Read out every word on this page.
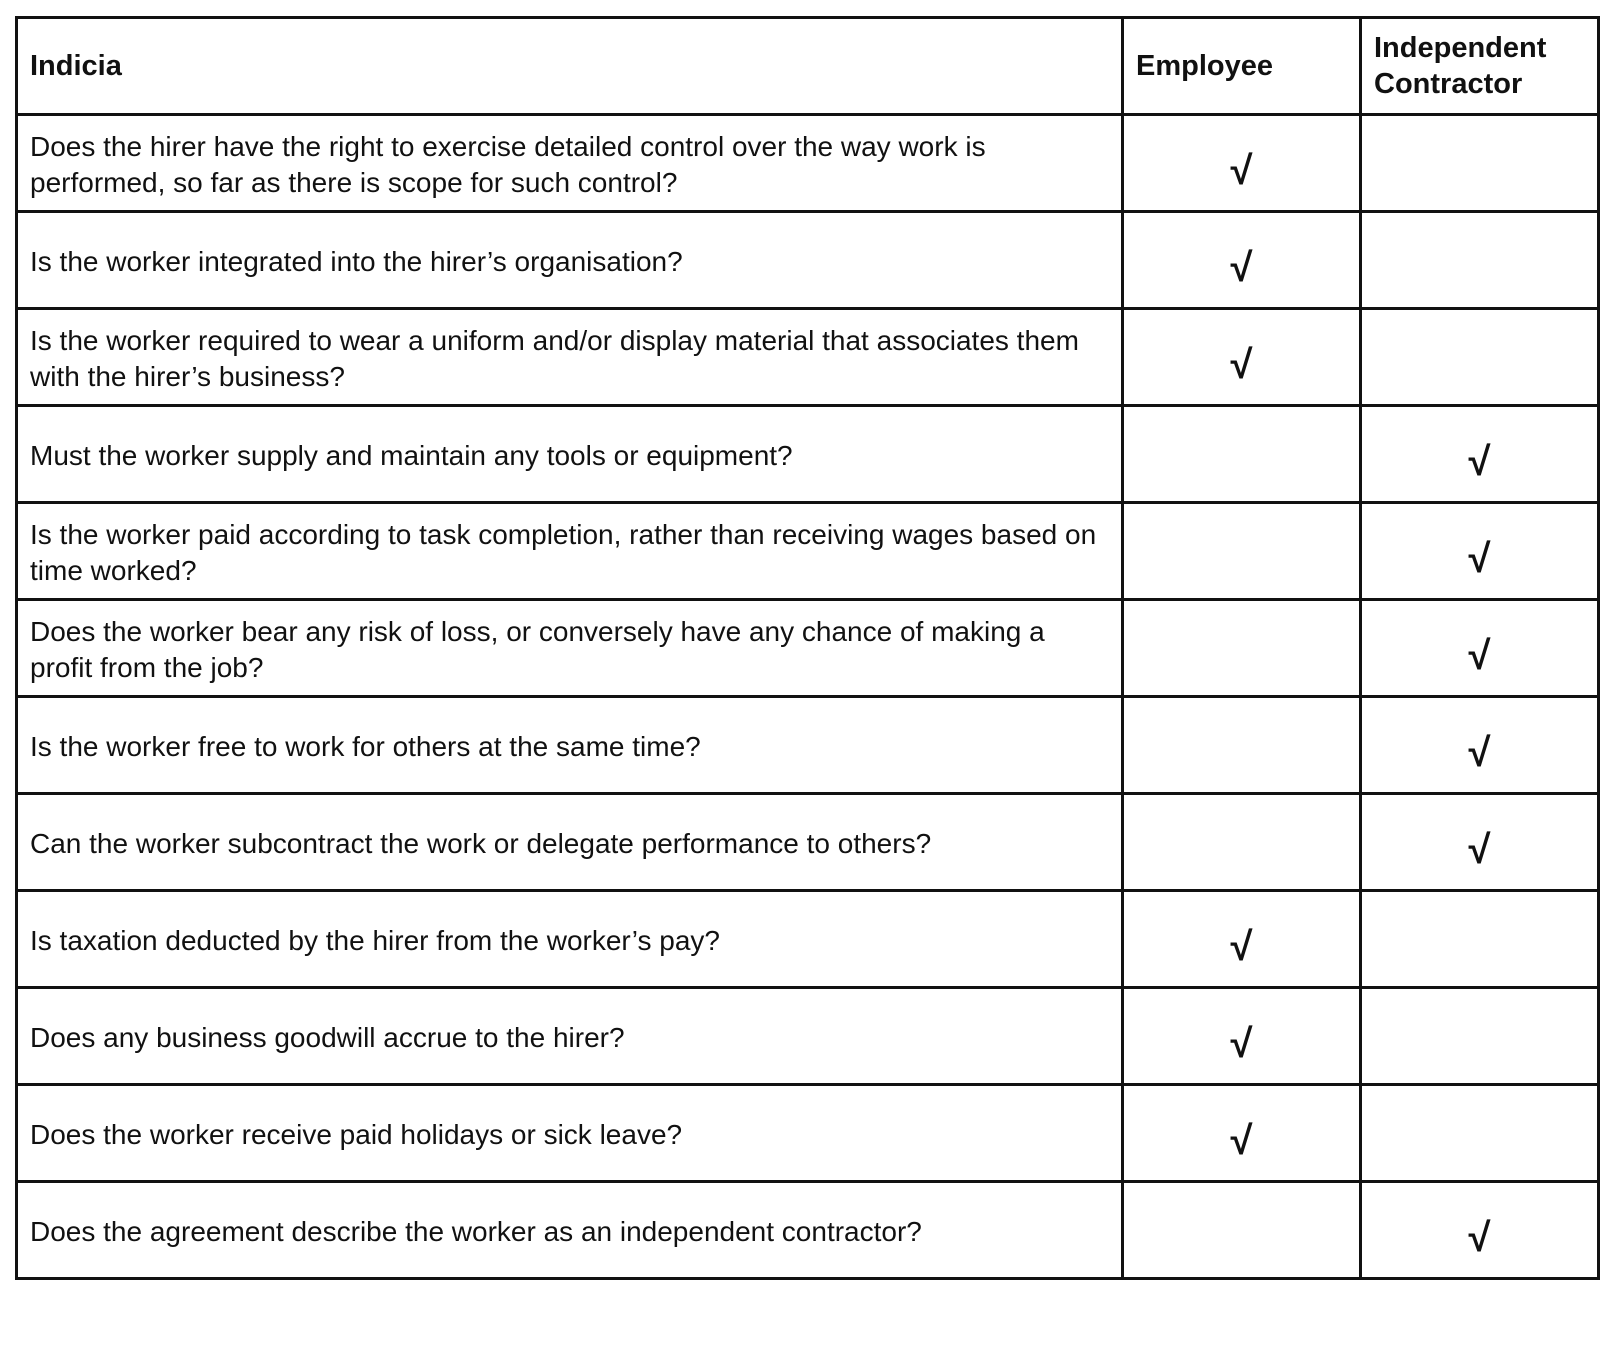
Indicia	Employee	Independent Contractor
Does the hirer have the right to exercise detailed control over the way work is performed, so far as there is scope for such control?	√	
Is the worker integrated into the hirer’s organisation?	√	
Is the worker required to wear a uniform and/or display material that associates them with the hirer’s business?	√	
Must the worker supply and maintain any tools or equipment?		√
Is the worker paid according to task completion, rather than receiving wages based on time worked?		√
Does the worker bear any risk of loss, or conversely have any chance of making a profit from the job?		√
Is the worker free to work for others at the same time?		√
Can the worker subcontract the work or delegate performance to others?		√
Is taxation deducted by the hirer from the worker’s pay?	√	
Does any business goodwill accrue to the hirer?	√	
Does the worker receive paid holidays or sick leave?	√	
Does the agreement describe the worker as an independent contractor?		√
